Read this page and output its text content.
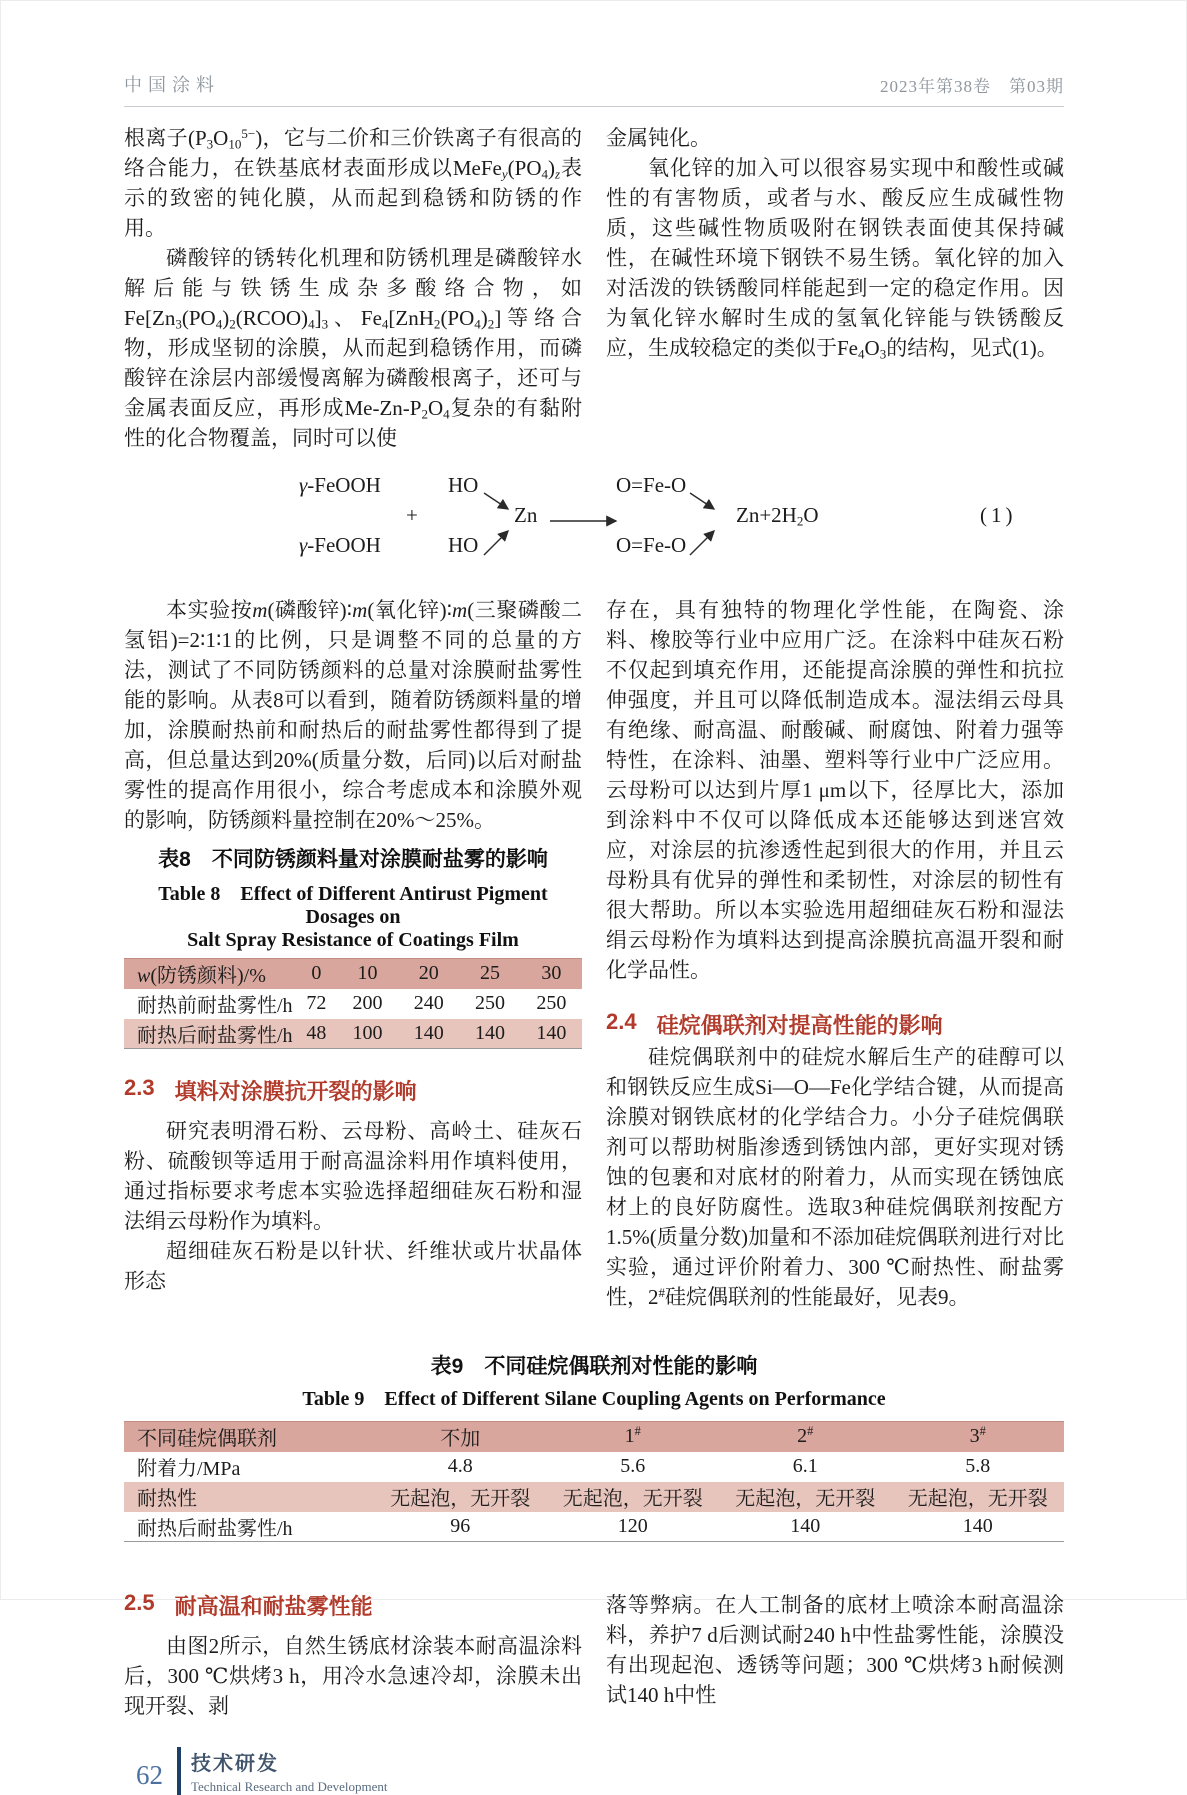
中国涂料	2023年第38卷　第03期

根离子$(P_3O_{10}^{5-})$，它与二价和三价铁离子有很高的络合能力，在铁基底材表面形成以$MeFe_y(PO_4)_z$表示的致密的钝化膜，从而起到稳锈和防锈的作用。

磷酸锌的锈转化机理和防锈机理是磷酸锌水解后能与铁锈生成杂多酸络合物，如$Fe[Zn_3(PO_4)_2(RCOO)_4]_3$、$Fe_4[ZnH_2(PO_4)_2]$等络合物，形成坚韧的涂膜，从而起到稳锈作用，而磷酸锌在涂层内部缓慢离解为磷酸根离子，还可与金属表面反应，再形成$Me-Zn-P_2O_4$复杂的有黏附性的化合物覆盖，同时可以使

金属钝化。

氧化锌的加入可以很容易实现中和酸性或碱性的有害物质，或者与水、酸反应生成碱性物质，这些碱性物质吸附在钢铁表面使其保持碱性，在碱性环境下钢铁不易生锈。氧化锌的加入对活泼的铁锈酸同样能起到一定的稳定作用。因为氧化锌水解时生成的氢氧化锌能与铁锈酸反应，生成较稳定的类似于$Fe_4O_3$的结构，见式(1)。

γ-FeOOH
γ-FeOOH
+
HO
HO
Zn
O=Fe-O
O=Fe-O
$Zn+2H_2O$	(1)

本实验按m(磷酸锌)∶m(氧化锌)∶m(三聚磷酸二氢铝)=2∶1∶1的比例，只是调整不同的总量的方法，测试了不同防锈颜料的总量对涂膜耐盐雾性能的影响。从表8可以看到，随着防锈颜料量的增加，涂膜耐热前和耐热后的耐盐雾性都得到了提高，但总量达到20%(质量分数，后同)以后对耐盐雾性的提高作用很小，综合考虑成本和涂膜外观的影响，防锈颜料量控制在20%～25%。

表8　不同防锈颜料量对涂膜耐盐雾的影响
Table 8　Effect of Different Antirust Pigment Dosages on
Salt Spray Resistance of Coatings Film
w(防锈颜料)/%	0	10	20	25	30
耐热前耐盐雾性/h	72	200	240	250	250
耐热后耐盐雾性/h	48	100	140	140	140
2.3 填料对涂膜抗开裂的影响

研究表明滑石粉、云母粉、高岭土、硅灰石粉、硫酸钡等适用于耐高温涂料用作填料使用，通过指标要求考虑本实验选择超细硅灰石粉和湿法绢云母粉作为填料。

超细硅灰石粉是以针状、纤维状或片状晶体形态

存在，具有独特的物理化学性能，在陶瓷、涂料、橡胶等行业中应用广泛。在涂料中硅灰石粉不仅起到填充作用，还能提高涂膜的弹性和抗拉伸强度，并且可以降低制造成本。湿法绢云母具有绝缘、耐高温、耐酸碱、耐腐蚀、附着力强等特性，在涂料、油墨、塑料等行业中广泛应用。云母粉可以达到片厚1 μm以下，径厚比大，添加到涂料中不仅可以降低成本还能够达到迷宫效应，对涂层的抗渗透性起到很大的作用，并且云母粉具有优异的弹性和柔韧性，对涂层的韧性有很大帮助。所以本实验选用超细硅灰石粉和湿法绢云母粉作为填料达到提高涂膜抗高温开裂和耐化学品性。

2.4 硅烷偶联剂对提高性能的影响

硅烷偶联剂中的硅烷水解后生产的硅醇可以和钢铁反应生成Si—O—Fe化学结合键，从而提高涂膜对钢铁底材的化学结合力。小分子硅烷偶联剂可以帮助树脂渗透到锈蚀内部，更好实现对锈蚀的包裹和对底材的附着力，从而实现在锈蚀底材上的良好防腐性。选取3种硅烷偶联剂按配方1.5%(质量分数)加量和不添加硅烷偶联剂进行对比实验，通过评价附着力、300 ℃耐热性、耐盐雾性，2#硅烷偶联剂的性能最好，见表9。

表9　不同硅烷偶联剂对性能的影响
Table 9　Effect of Different Silane Coupling Agents on Performance
不同硅烷偶联剂	不加	1#	2#	3#
附着力/MPa	4.8	5.6	6.1	5.8
耐热性	无起泡，无开裂	无起泡，无开裂	无起泡，无开裂	无起泡，无开裂
耐热后耐盐雾性/h	96	120	140	140
2.5 耐高温和耐盐雾性能

由图2所示，自然生锈底材涂装本耐高温涂料后，300 ℃烘烤3 h，用冷水急速冷却，涂膜未出现开裂、剥

落等弊病。在人工制备的底材上喷涂本耐高温涂料，养护7 d后测试耐240 h中性盐雾性能，涂膜没有出现起泡、透锈等问题；300 ℃烘烤3 h耐候测试140 h中性

62 技术研发
Technical Research and Development
